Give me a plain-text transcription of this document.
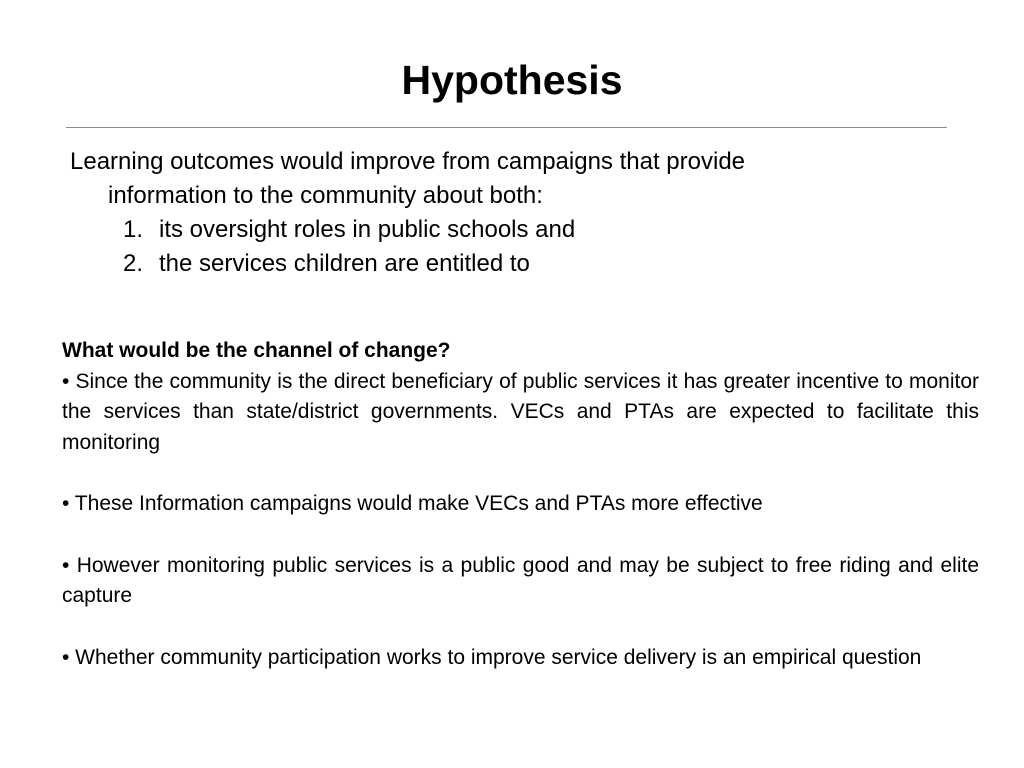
Hypothesis
Learning outcomes would improve from campaigns that provide
information to the community about both:
1. its oversight roles in public schools and
2. the services children are entitled to

What would be the channel of change?

• Since the community is the direct beneficiary of public services it has greater incentive to monitor the services than state/district governments. VECs and PTAs are expected to facilitate this monitoring

• These Information campaigns would make VECs and PTAs more effective

• However monitoring public services is a public good and may be subject to free riding and elite capture

• Whether community participation works to improve service delivery is an empirical question
